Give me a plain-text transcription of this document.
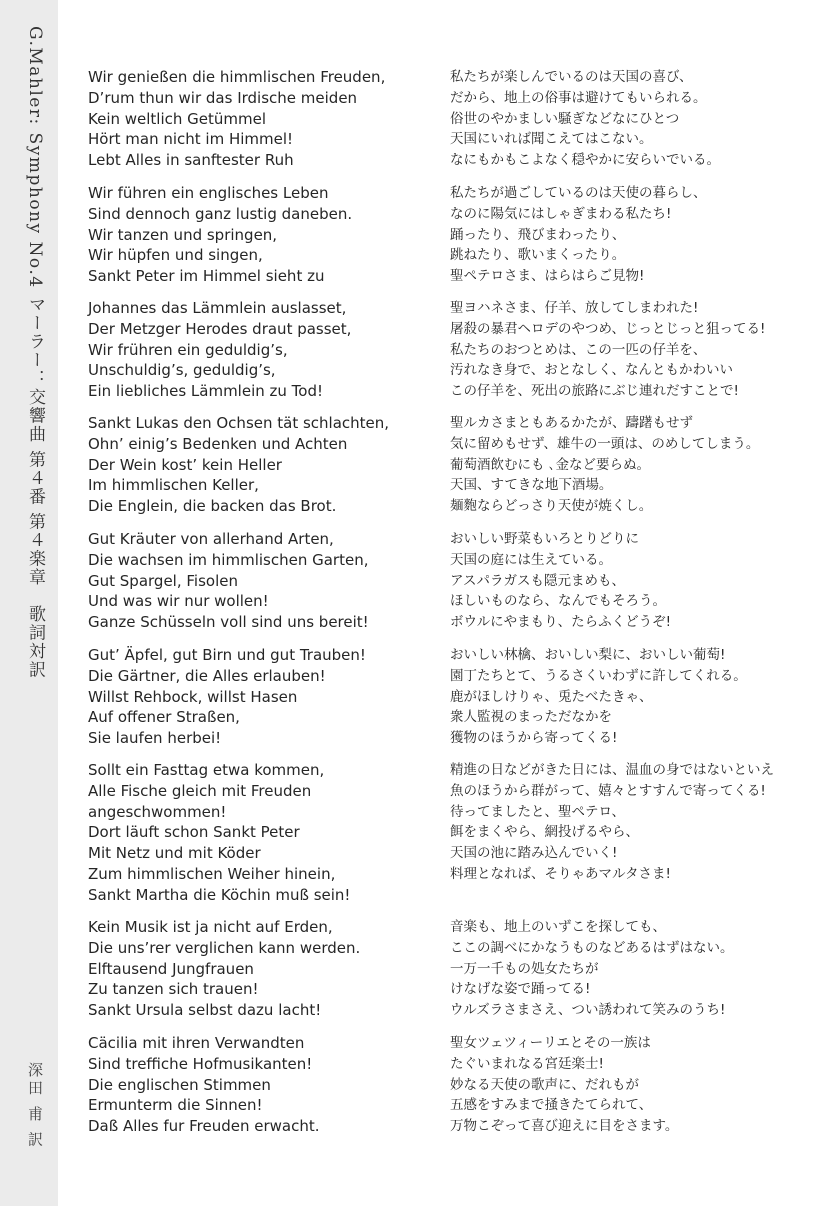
G.Mahler: Symphony No.4 マーラー：交響曲 第４番 第４楽章　歌詞対訳
深田 甫 訳
Wir genießen die himmlischen Freuden,
D’rum thun wir das Irdische meiden
Kein weltlich Getümmel
Hört man nicht im Himmel!
Lebt Alles in sanftester Ruh
私たちが楽しんでいるのは天国の喜び、
だから、地上の俗事は避けてもいられる。
俗世のやかましい騒ぎなどなにひとつ
天国にいれば聞こえてはこない。
なにもかもこよなく穏やかに安らいでいる。
Wir führen ein englisches Leben
Sind dennoch ganz lustig daneben.
Wir tanzen und springen,
Wir hüpfen und singen,
Sankt Peter im Himmel sieht zu
私たちが過ごしているのは天使の暮らし、
なのに陽気にはしゃぎまわる私たち!
踊ったり、飛びまわったり、
跳ねたり、歌いまくったり。
聖ペテロさま、はらはらご見物!
Johannes das Lämmlein auslasset,
Der Metzger Herodes draut passet,
Wir frühren ein geduldig’s,
Unschuldig’s, geduldig’s,
Ein liebliches Lämmlein zu Tod!
聖ヨハネさま、仔羊、放してしまわれた!
屠殺の暴君ヘロデのやつめ、じっとじっと狙ってる!
私たちのおつとめは、この一匹の仔羊を、
汚れなき身で、おとなしく、なんともかわいい
この仔羊を、死出の旅路にぶじ連れだすことで!
Sankt Lukas den Ochsen tät schlachten,
Ohn’ einig’s Bedenken und Achten
Der Wein kost’ kein Heller
Im himmlischen Keller,
Die Englein, die backen das Brot.
聖ルカさまともあるかたが、躊躇もせず
気に留めもせず、雄牛の一頭は、のめしてしまう。
葡萄酒飲むにも ､金など要らぬ。
天国、すてきな地下酒場。
麺麭ならどっさり天使が焼くし。
Gut Kräuter von allerhand Arten,
Die wachsen im himmlischen Garten,
Gut Spargel, Fisolen
Und was wir nur wollen!
Ganze Schüsseln voll sind uns bereit!
おいしい野菜もいろとりどりに
天国の庭には生えている。
アスパラガスも隠元まめも、
ほしいものなら、なんでもそろう。
ボウルにやまもり、たらふくどうぞ!
Gut’ Äpfel, gut Birn und gut Trauben!
Die Gärtner, die Alles erlauben!
Willst Rehbock, willst Hasen
Auf offener Straßen,
Sie laufen herbei!
おいしい林檎、おいしい梨に、おいしい葡萄!
園丁たちとて、うるさくいわずに許してくれる。
鹿がほしけりゃ、兎たべたきゃ、
衆人監視のまっただなかを
獲物のほうから寄ってくる!
Sollt ein Fasttag etwa kommen,
Alle Fische gleich mit Freuden
angeschwommen!
Dort läuft schon Sankt Peter
Mit Netz und mit Köder
Zum himmlischen Weiher hinein,
Sankt Martha die Köchin muß sein!
精進の日などがきた日には、温血の身ではないといえ
魚のほうから群がって、嬉々とすすんで寄ってくる!
待ってましたと、聖ペテロ、
餌をまくやら、網投げるやら、
天国の池に踏み込んでいく!
料理となれば、そりゃあマルタさま!
Kein Musik ist ja nicht auf Erden,
Die uns’rer verglichen kann werden.
Elftausend Jungfrauen
Zu tanzen sich trauen!
Sankt Ursula selbst dazu lacht!
音楽も、地上のいずこを探しても、
ここの調べにかなうものなどあるはずはない。
一万一千もの処女たちが
けなげな姿で踊ってる!
ウルズラさまさえ、つい誘われて笑みのうち!
Cäcilia mit ihren Verwandten
Sind treffiche Hofmusikanten!
Die englischen Stimmen
Ermunterm die Sinnen!
Daß Alles fur Freuden erwacht.
聖女ツェツィーリエとその一族は
たぐいまれなる宮廷楽士!
妙なる天使の歌声に、だれもが
五感をすみまで掻きたてられて、
万物こぞって喜び迎えに目をさます。
